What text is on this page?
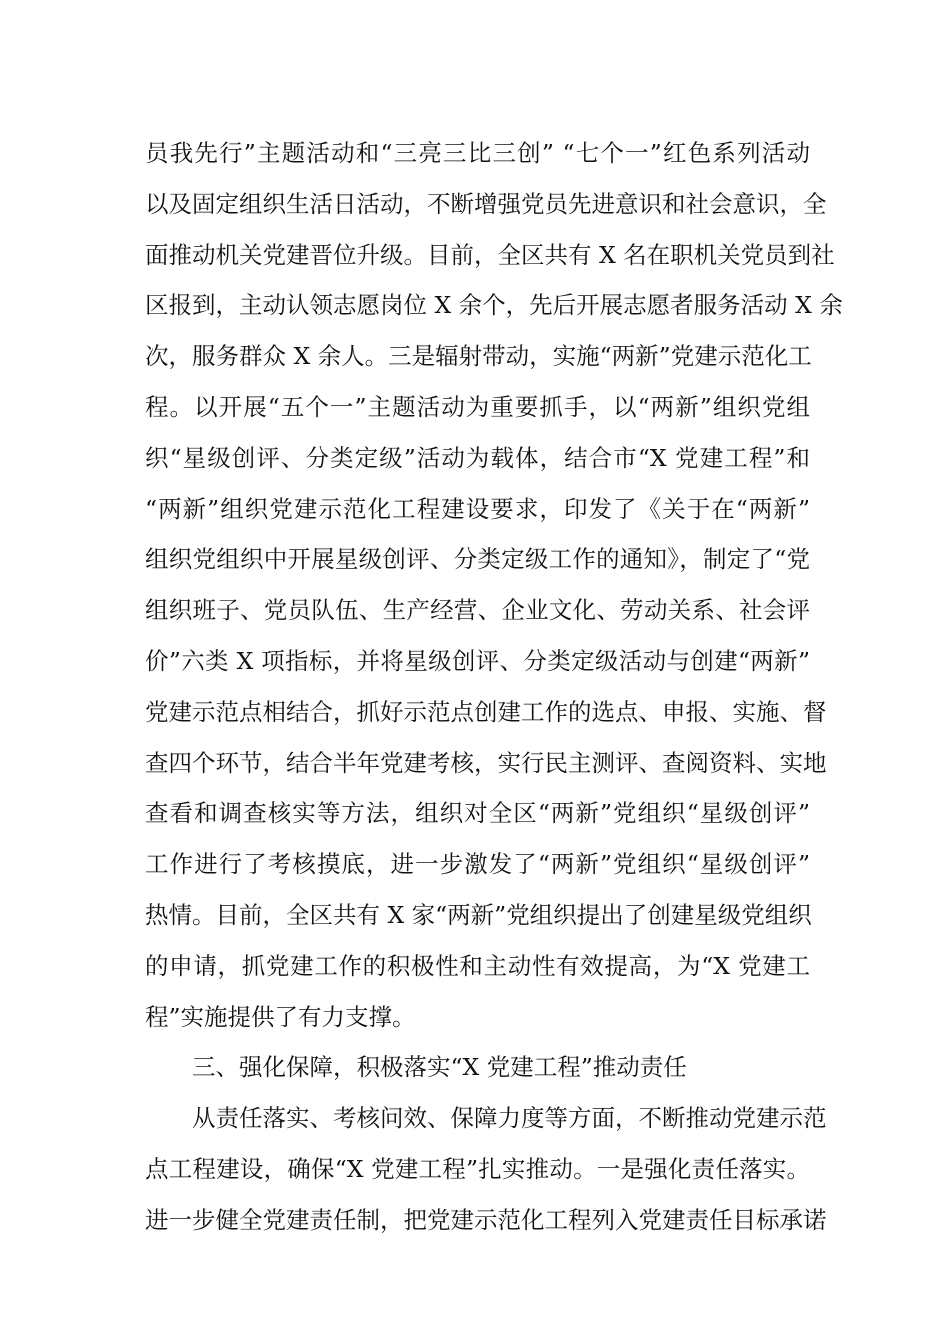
员我先行”主题活动和“三亮三比三创” “七个一”红色系列活动
以及固定组织生活日活动，不断增强党员先进意识和社会意识，全
面推动机关党建晋位升级。目前，全区共有 X 名在职机关党员到社
区报到，主动认领志愿岗位 X 余个，先后开展志愿者服务活动 X 余
次，服务群众 X 余人。三是辐射带动，实施“两新”党建示范化工
程。以开展“五个一”主题活动为重要抓手，以“两新”组织党组
织“星级创评、分类定级”活动为载体，结合市“X 党建工程”和
“两新”组织党建示范化工程建设要求，印发了《关于在“两新”
组织党组织中开展星级创评、分类定级工作的通知》，制定了“党
组织班子、党员队伍、生产经营、企业文化、劳动关系、社会评
价”六类 X 项指标，并将星级创评、分类定级活动与创建“两新”
党建示范点相结合，抓好示范点创建工作的选点、申报、实施、督
查四个环节，结合半年党建考核，实行民主测评、查阅资料、实地
查看和调查核实等方法，组织对全区“两新”党组织“星级创评”
工作进行了考核摸底，进一步激发了“两新”党组织“星级创评”
热情。目前，全区共有 X 家“两新”党组织提出了创建星级党组织
的申请，抓党建工作的积极性和主动性有效提高，为“X 党建工
程”实施提供了有力支撑。
三、强化保障，积极落实“X 党建工程”推动责任
从责任落实、考核问效、保障力度等方面，不断推动党建示范
点工程建设，确保“X 党建工程”扎实推动。一是强化责任落实。
进一步健全党建责任制，把党建示范化工程列入党建责任目标承诺
